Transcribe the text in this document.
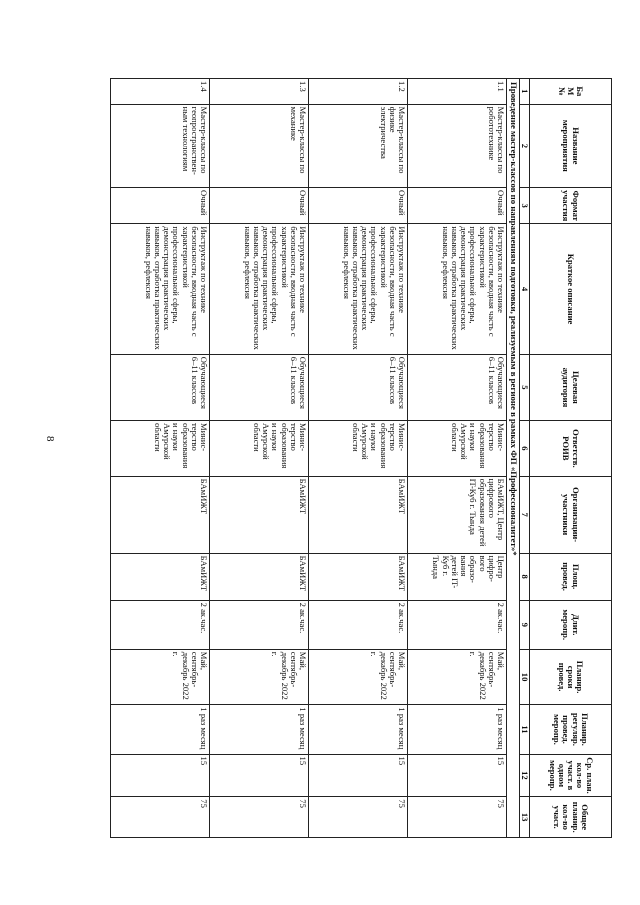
8
Ба
М
№	Название мероприятия	Формат участия	Краткое описание	Целевая аудитория	Ответств. РОИВ	Организации-участники	Площ. провед.	Длит. меропр.	Планир. сроки провед.	Планир. регуляр. провед. меропр.	Ср. план. кол-во участ. в одном меропр.	Общее планир. кол-во участ.
1	2	3	4	5	6	7	8	9	10	11	12	13
Проведение мастер-классов по направлениям подготовки, реализуемым в регионе в рамках ФП «Профессионалитет»*												
1.1	Мастер-классы по робототехнике	Очный	Инструктаж по технике безопасности, вводная часть с характеристикой профессиональной сферы, демонстрация практических навыков, отработка практических навыков, рефлексия	Обучающиеся 6–11 классов	Минис-терство образования и науки Амурской области	БАмИЖТ, Центр цифрового образования детей IT-Куб г. Тында	Центр цифро-вого образо-вания детей IT-Куб г. Тында	2 ак.час.	Май, сентябрь-декабрь 2022 г.	1 раз месяц	15	75
1.2	Мастер-классы по физике электричества	Очный	Инструктаж по технике безопасности, вводная часть с характеристикой профессиональной сферы, демонстрация практических навыков, отработка практических навыков, рефлексия	Обучающиеся 6–11 классов	Минис-терство образования и науки Амурской области	БАмИЖТ	БАмИЖТ	2 ак.час.	Май, сентябрь-декабрь 2022 г.	1 раз месяц	15	75
1.3	Мастер-классы по механике	Очный	Инструктаж по технике безопасности, вводная часть с характеристикой профессиональной сферы, демонстрация практических навыков, отработка практических навыков, рефлексия	Обучающиеся 6–11 классов	Минис-терство образования и науки Амурской области	БАмИЖТ	БАмИЖТ	2 ак.час.	Май, сентябрь-декабрь 2022 г.	1 раз месяц	15	75
1.4	Мастер-классы по геопространствен-ным технологиям	Очный	Инструктаж по технике безопасности, вводная часть с характеристикой профессиональной сферы, демонстрация практических навыков, отработка практических навыков, рефлексия	Обучающиеся 6–11 классов	Минис-терство образования и науки Амурской области	БАмИЖТ	БАмИЖТ	2 ак.час.	Май, сентябрь-декабрь 2022 г.	1 раз месяц	15	75
